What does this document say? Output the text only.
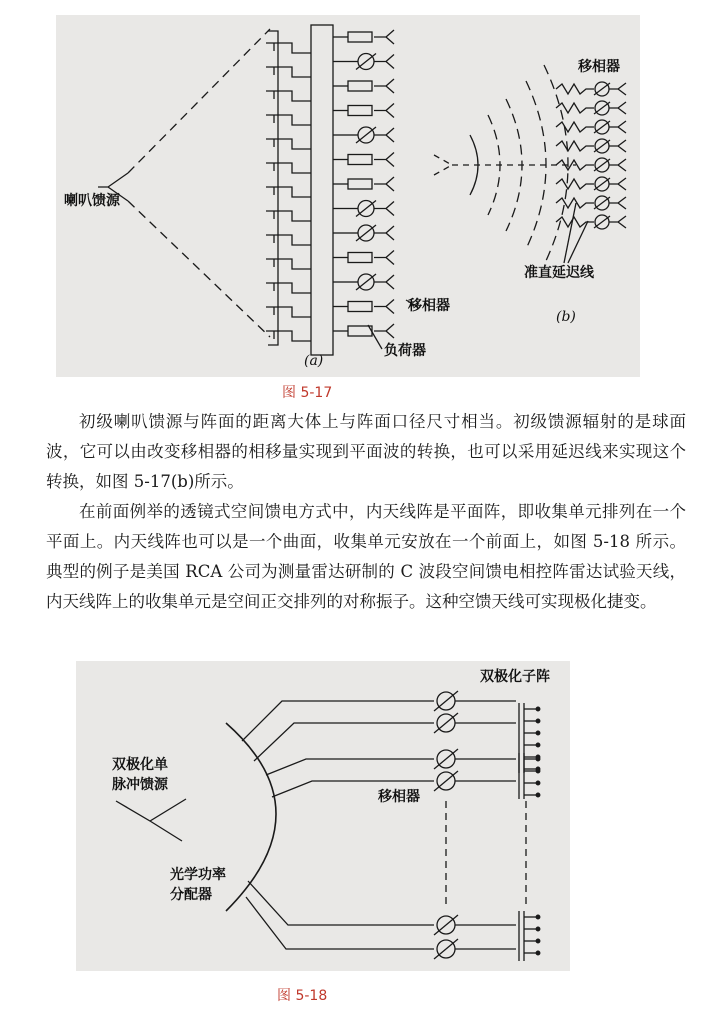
喇叭馈源
移相器
负荷器
(a)
移相器
准直延迟线
(b)
图 5-17

初级喇叭馈源与阵面的距离大体上与阵面口径尺寸相当。初级馈源辐射的是球面波，它可以由改变移相器的相移量实现到平面波的转换，也可以采用延迟线来实现这个转换，如图 5-17(b)所示。

在前面例举的透镜式空间馈电方式中，内天线阵是平面阵，即收集单元排列在一个平面上。内天线阵也可以是一个曲面，收集单元安放在一个前面上，如图 5-18 所示。典型的例子是美国 RCA 公司为测量雷达研制的 C 波段空间馈电相控阵雷达试验天线，内天线阵上的收集单元是空间正交排列的对称振子。这种空馈天线可实现极化捷变。

双极化子阵
双极化单
脉冲馈源
移相器
光学功率
分配器
图 5-18
